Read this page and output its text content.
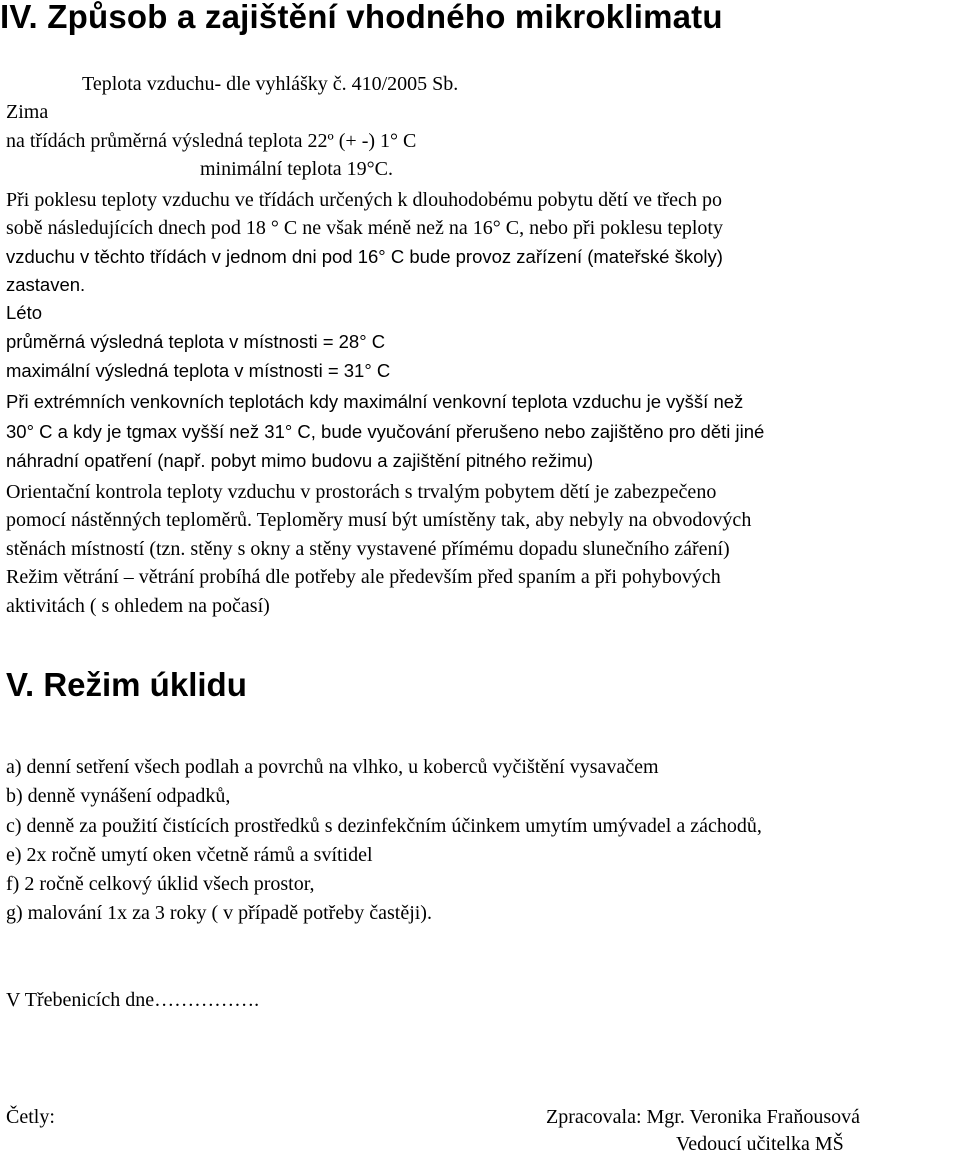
IV. Způsob a zajištění vhodného mikroklimatu
Teplota vzduchu- dle vyhlášky č. 410/2005 Sb.
Zima
na třídách průměrná výsledná teplota 22º (+ -) 1° C
minimální teplota 19°C.
Při poklesu teploty vzduchu ve třídách určených k dlouhodobému pobytu dětí ve třech po
sobě následujících dnech pod 18 ° C ne však méně než na 16° C, nebo při poklesu teploty
vzduchu v těchto třídách v jednom dni pod 16° C bude provoz zařízení (mateřské školy)
zastaven.
Léto
průměrná výsledná teplota v místnosti = 28° C
maximální výsledná teplota v místnosti = 31° C
Při extrémních venkovních teplotách kdy maximální venkovní teplota vzduchu je vyšší než
30° C a kdy je tgmax vyšší než 31° C, bude vyučování přerušeno nebo zajištěno pro děti jiné
náhradní opatření (např. pobyt mimo budovu a zajištění pitného režimu)
Orientační kontrola teploty vzduchu v prostorách s trvalým pobytem dětí je zabezpečeno
pomocí nástěnných teploměrů. Teploměry musí být umístěny tak, aby nebyly na obvodových
stěnách místností (tzn. stěny s okny a stěny vystavené přímému dopadu slunečního záření)
Režim větrání – větrání probíhá dle potřeby ale především před spaním a při pohybových
aktivitách ( s ohledem na počasí)
V. Režim úklidu
a) denní setření všech podlah a povrchů na vlhko, u koberců vyčištění vysavačem
b) denně vynášení odpadků,
c) denně za použití čistících prostředků s dezinfekčním účinkem umytím umývadel a záchodů,
e) 2x ročně umytí oken včetně rámů a svítidel
f) 2 ročně celkový úklid všech prostor,
g) malování 1x za 3 roky ( v případě potřeby častěji).
V Třebenicích dne…………….
Četly:	Zpracovala: Mgr. Veronika Fraňousová
Vedoucí učitelka MŠ
